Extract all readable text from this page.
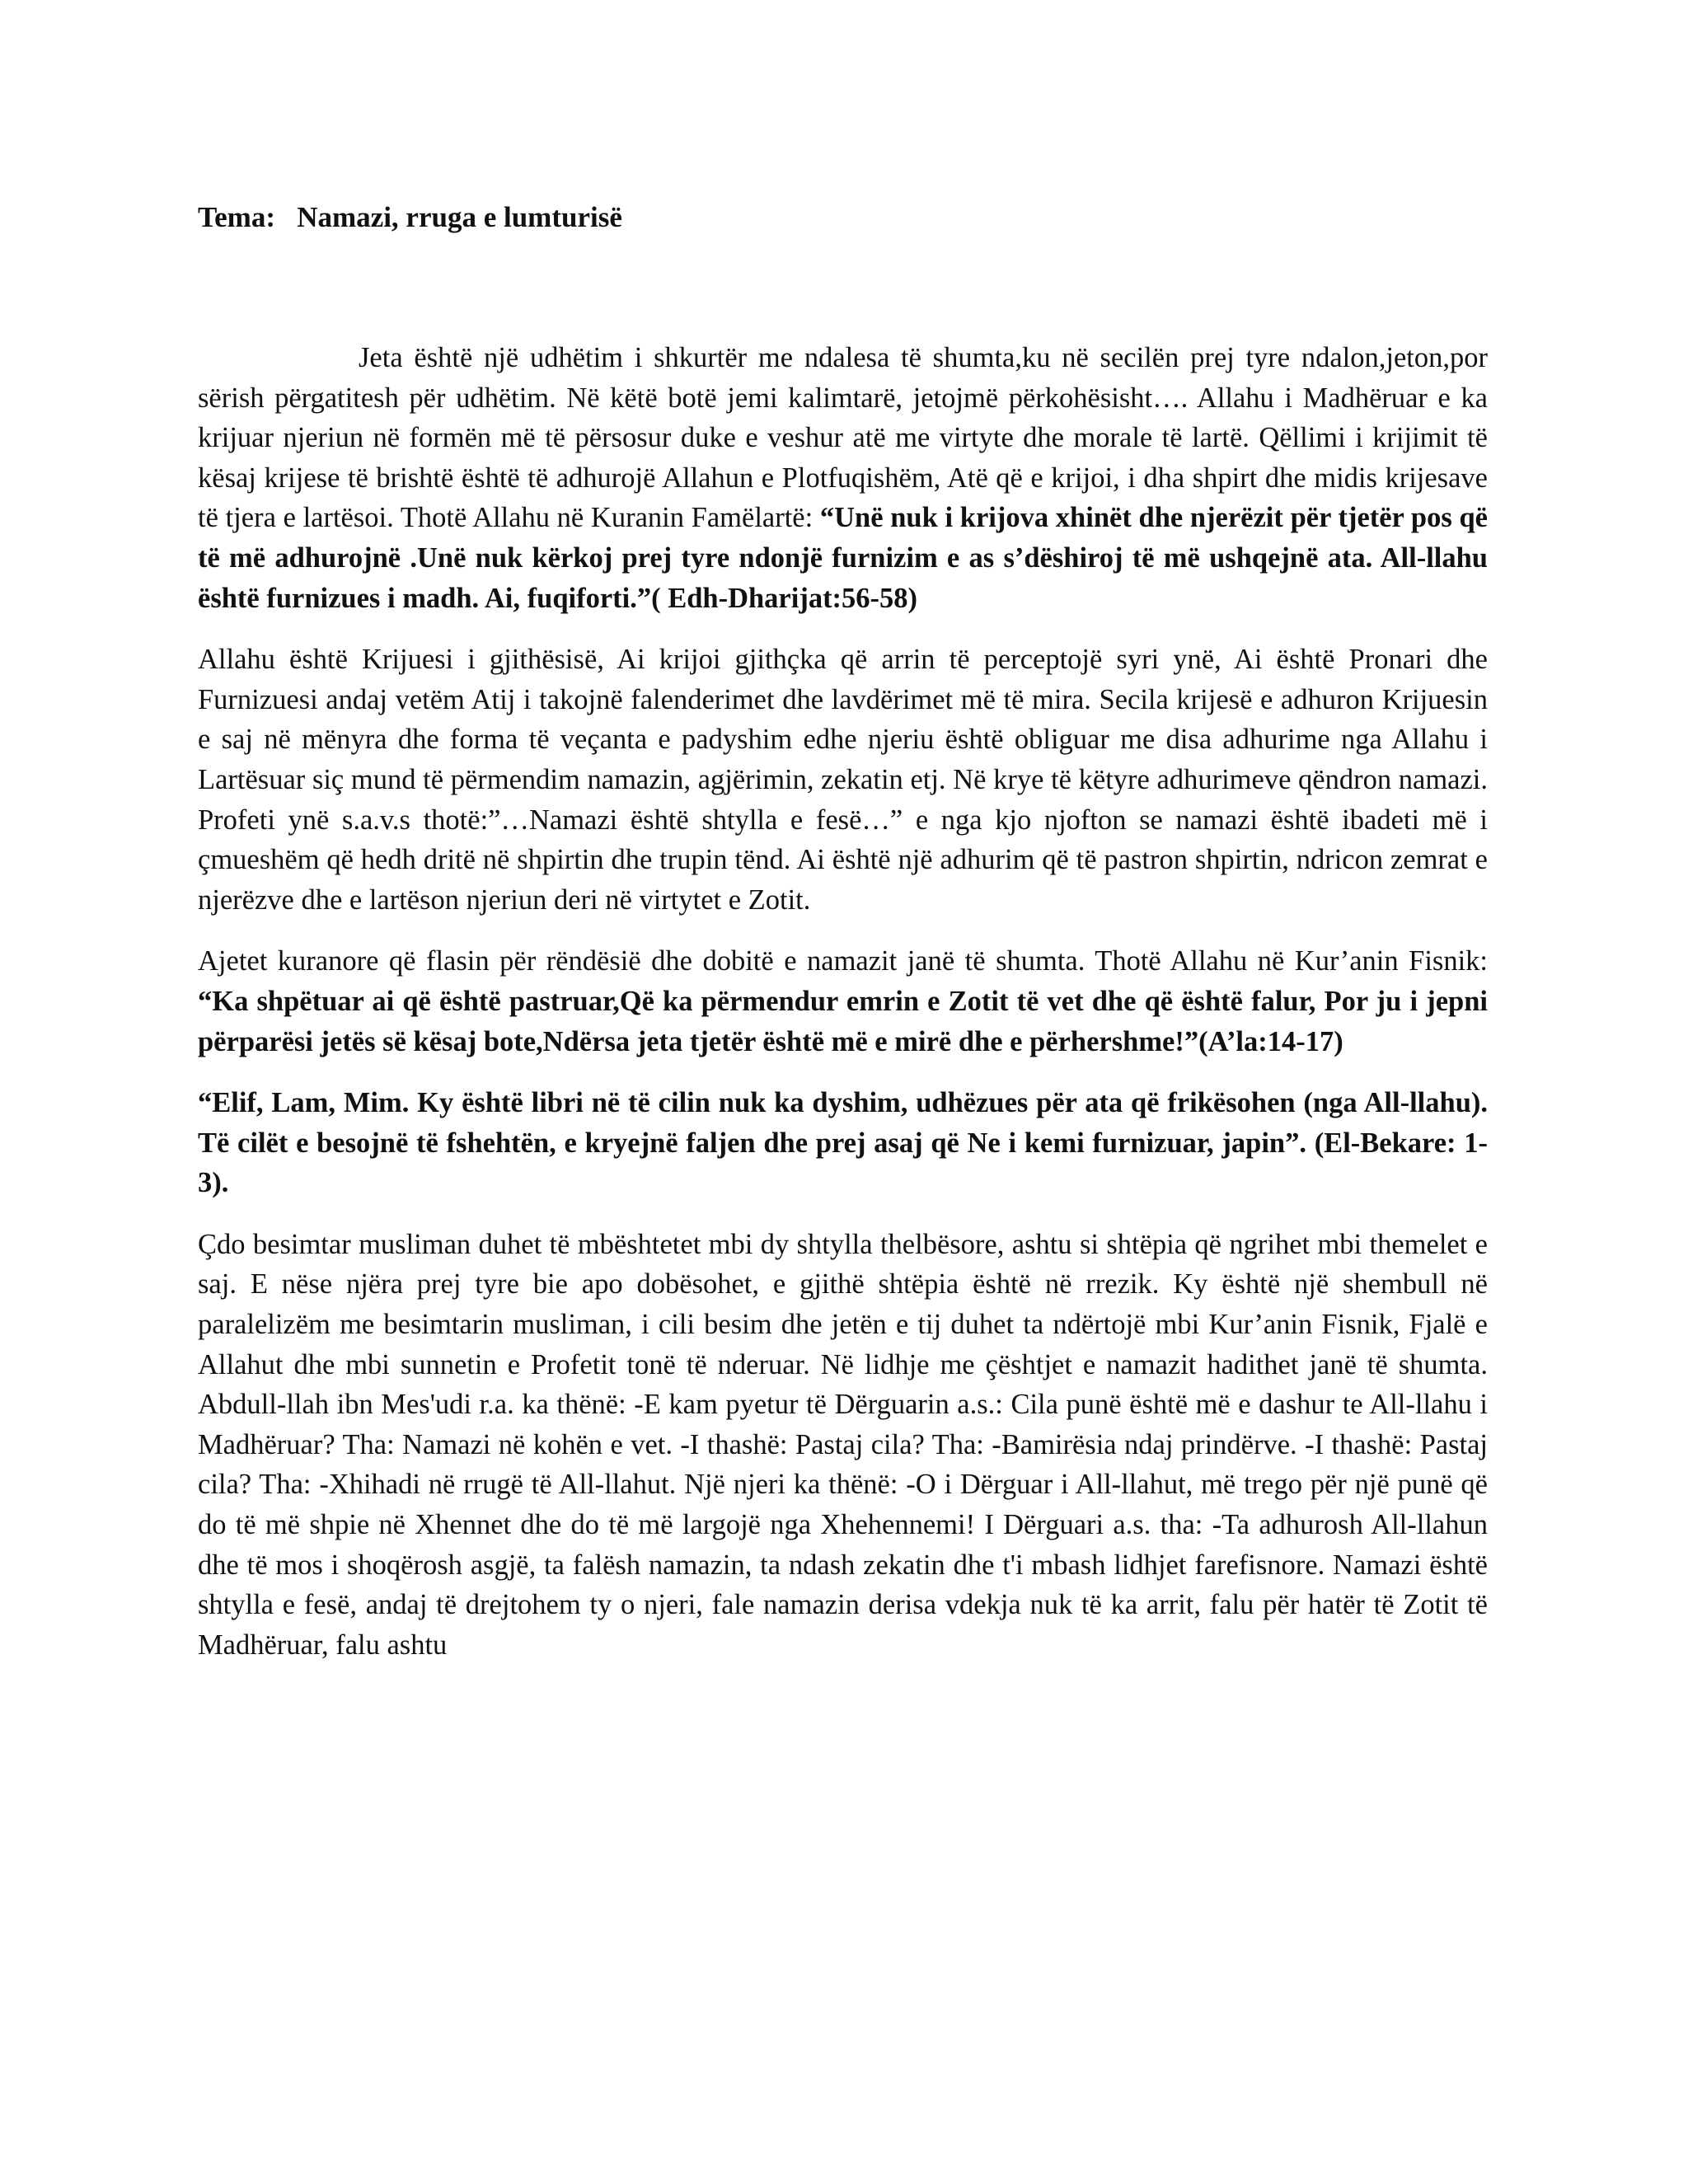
Tema:   Namazi, rruga e lumturisë

Jeta është një udhëtim i shkurtër me ndalesa të shumta,ku në secilën prej tyre ndalon,jeton,por sërish përgatitesh për udhëtim. Në këtë botë jemi kalimtarë, jetojmë përkohësisht…. Allahu i Madhëruar e ka krijuar njeriun në formën më të përsosur duke e veshur atë me virtyte dhe morale të lartë. Qëllimi i krijimit të kësaj krijese të brishtë është të adhurojë Allahun e Plotfuqishëm, Atë që e krijoi, i dha shpirt dhe midis krijesave të tjera e lartësoi. Thotë Allahu në Kuranin Famëlartë: “Unë nuk i krijova xhinët dhe njerëzit për tjetër pos që të më adhurojnë .Unë nuk kërkoj prej tyre ndonjë furnizim e as s’dëshiroj të më ushqejnë ata. All-llahu është furnizues i madh. Ai, fuqiforti.”( Edh-Dharijat:56-58)

Allahu është Krijuesi i gjithësisë, Ai krijoi gjithçka që arrin të perceptojë syri ynë, Ai është Pronari dhe Furnizuesi andaj vetëm Atij i takojnë falenderimet dhe lavdërimet më të mira. Secila krijesë e adhuron Krijuesin e saj në mënyra dhe forma të veçanta e padyshim edhe njeriu është obliguar me disa adhurime nga Allahu i Lartësuar siç mund të përmendim namazin, agjërimin, zekatin etj. Në krye të këtyre adhurimeve qëndron namazi. Profeti ynë s.a.v.s thotë:”…Namazi është shtylla e fesë…” e nga kjo njofton se namazi është ibadeti më i çmueshëm që hedh dritë në shpirtin dhe trupin tënd. Ai është një adhurim që të pastron shpirtin, ndricon zemrat e njerëzve dhe e lartëson njeriun deri në virtytet e Zotit.

Ajetet kuranore që flasin për rëndësië dhe dobitë e namazit janë të shumta. Thotë Allahu në Kur’anin Fisnik: “Ka shpëtuar ai që është pastruar,Që ka përmendur emrin e Zotit të vet dhe që është falur, Por ju i jepni përparësi jetës së kësaj bote,Ndërsa jeta tjetër është më e mirë dhe e përhershme!”(A’la:14-17)

“Elif, Lam, Mim. Ky është libri në të cilin nuk ka dyshim, udhëzues për ata që frikësohen (nga All-llahu). Të cilët e besojnë të fshehtën, e kryejnë faljen dhe prej asaj që Ne i kemi furnizuar, japin”. (El-Bekare: 1-3).

Çdo besimtar musliman duhet të mbështetet mbi dy shtylla thelbësore, ashtu si shtëpia që ngrihet mbi themelet e saj. E nëse njëra prej tyre bie apo dobësohet, e gjithë shtëpia është në rrezik. Ky është një shembull në paralelizëm me besimtarin musliman, i cili besim dhe jetën e tij duhet ta ndërtojë mbi Kur’anin Fisnik, Fjalë e Allahut dhe mbi sunnetin e Profetit tonë të nderuar. Në lidhje me çështjet e namazit hadithet janë të shumta. Abdull-llah ibn Mes'udi r.a. ka thënë: -E kam pyetur të Dërguarin a.s.: Cila punë është më e dashur te All-llahu i Madhëruar? Tha: Namazi në kohën e vet. -I thashë: Pastaj cila? Tha: -Bamirësia ndaj prindërve. -I thashë: Pastaj cila? Tha: -Xhihadi në rrugë të All-llahut. Një njeri ka thënë: -O i Dërguar i All-llahut, më trego për një punë që do të më shpie në Xhennet dhe do të më largojë nga Xhehennemi! I Dërguari a.s. tha: -Ta adhurosh All-llahun dhe të mos i shoqërosh asgjë, ta falësh namazin, ta ndash zekatin dhe t'i mbash lidhjet farefisnore. Namazi është shtylla e fesë, andaj të drejtohem ty o njeri, fale namazin derisa vdekja nuk të ka arrit, falu për hatër të Zotit të Madhëruar, falu ashtu
